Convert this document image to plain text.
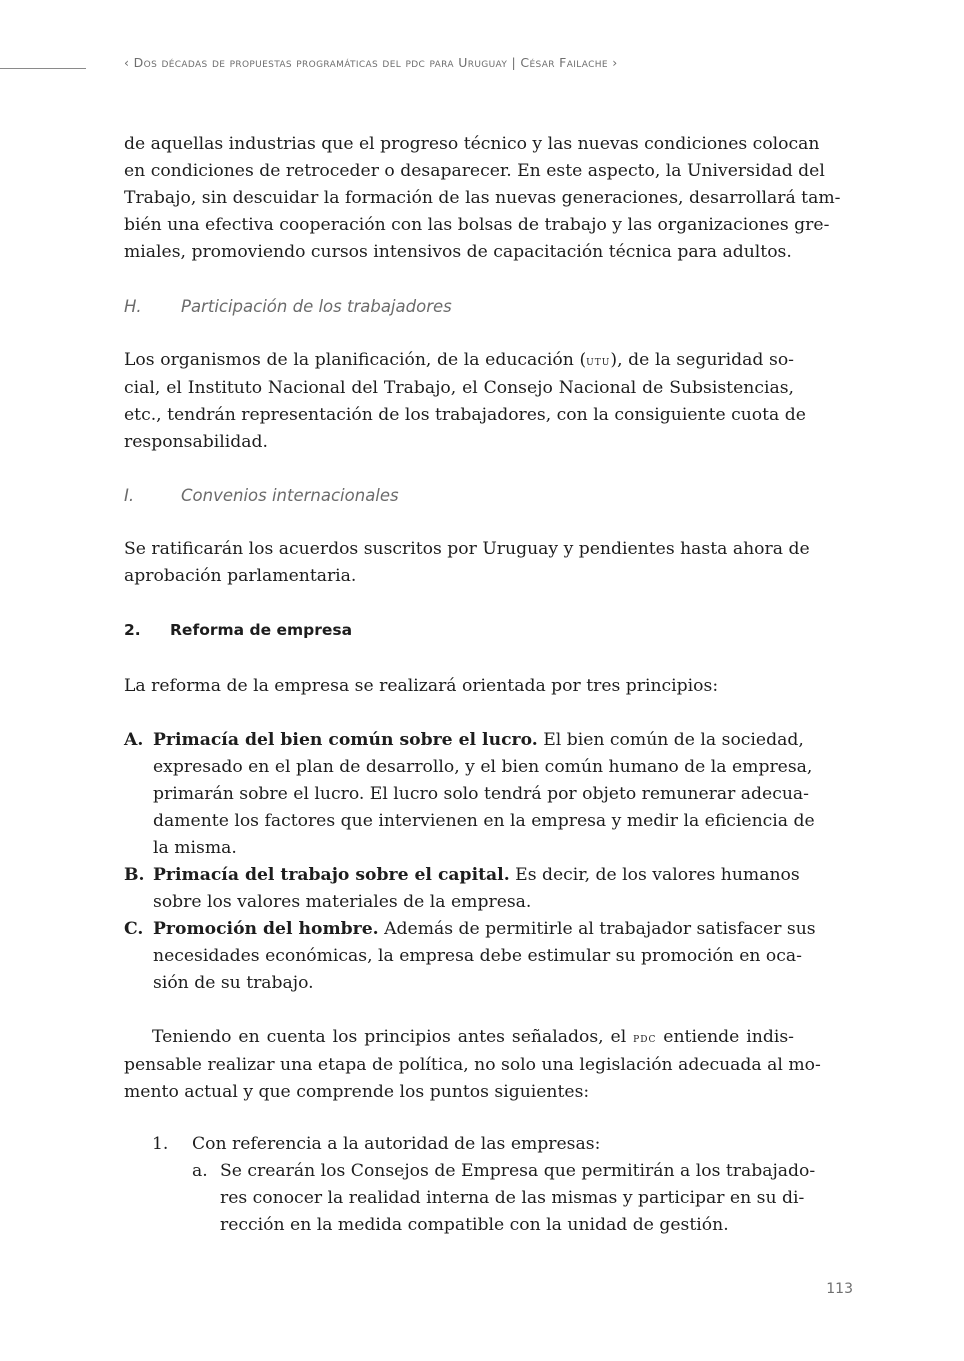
‹ Dos décadas de propuestas programáticas del pdc para Uruguay | César Failache ›
de aquellas industrias que el progreso técnico y las nuevas condiciones colocan
en condiciones de retroceder o desaparecer. En este aspecto, la Universidad del
Trabajo, sin descuidar la formación de las nuevas generaciones, desarrollará tam-
bién una efectiva cooperación con las bolsas de trabajo y las organizaciones gre-
miales, promoviendo cursos intensivos de capacitación técnica para adultos.
H. Participación de los trabajadores
Los organismos de la planificación, de la educación (utu), de la seguridad so-
cial, el Instituto Nacional del Trabajo, el Consejo Nacional de Subsistencias,
etc., tendrán representación de los trabajadores, con la consiguiente cuota de
responsabilidad.
I.	Convenios internacionales
Se ratificarán los acuerdos suscritos por Uruguay y pendientes hasta ahora de
aprobación parlamentaria.
2. Reforma de empresa
La reforma de la empresa se realizará orientada por tres principios:
A. Primacía del bien común sobre el lucro. El bien común de la sociedad,
expresado en el plan de desarrollo, y el bien común humano de la empresa,
primarán sobre el lucro. El lucro solo tendrá por objeto remunerar adecua-
damente los factores que intervienen en la empresa y medir la eficiencia de
la misma.
B. Primacía del trabajo sobre el capital. Es decir, de los valores humanos
sobre los valores materiales de la empresa.
C. Promoción del hombre. Además de permitirle al trabajador satisfacer sus
necesidades económicas, la empresa debe estimular su promoción en oca-
sión de su trabajo.
Teniendo en cuenta los principios antes señalados, el pdc entiende indis-
pensable realizar una etapa de política, no solo una legislación adecuada al mo-
mento actual y que comprende los puntos siguientes:
1. Con referencia a la autoridad de las empresas:
a. Se crearán los Consejos de Empresa que permitirán a los trabajado-
res conocer la realidad interna de las mismas y participar en su di-
rección en la medida compatible con la unidad de gestión.
113
